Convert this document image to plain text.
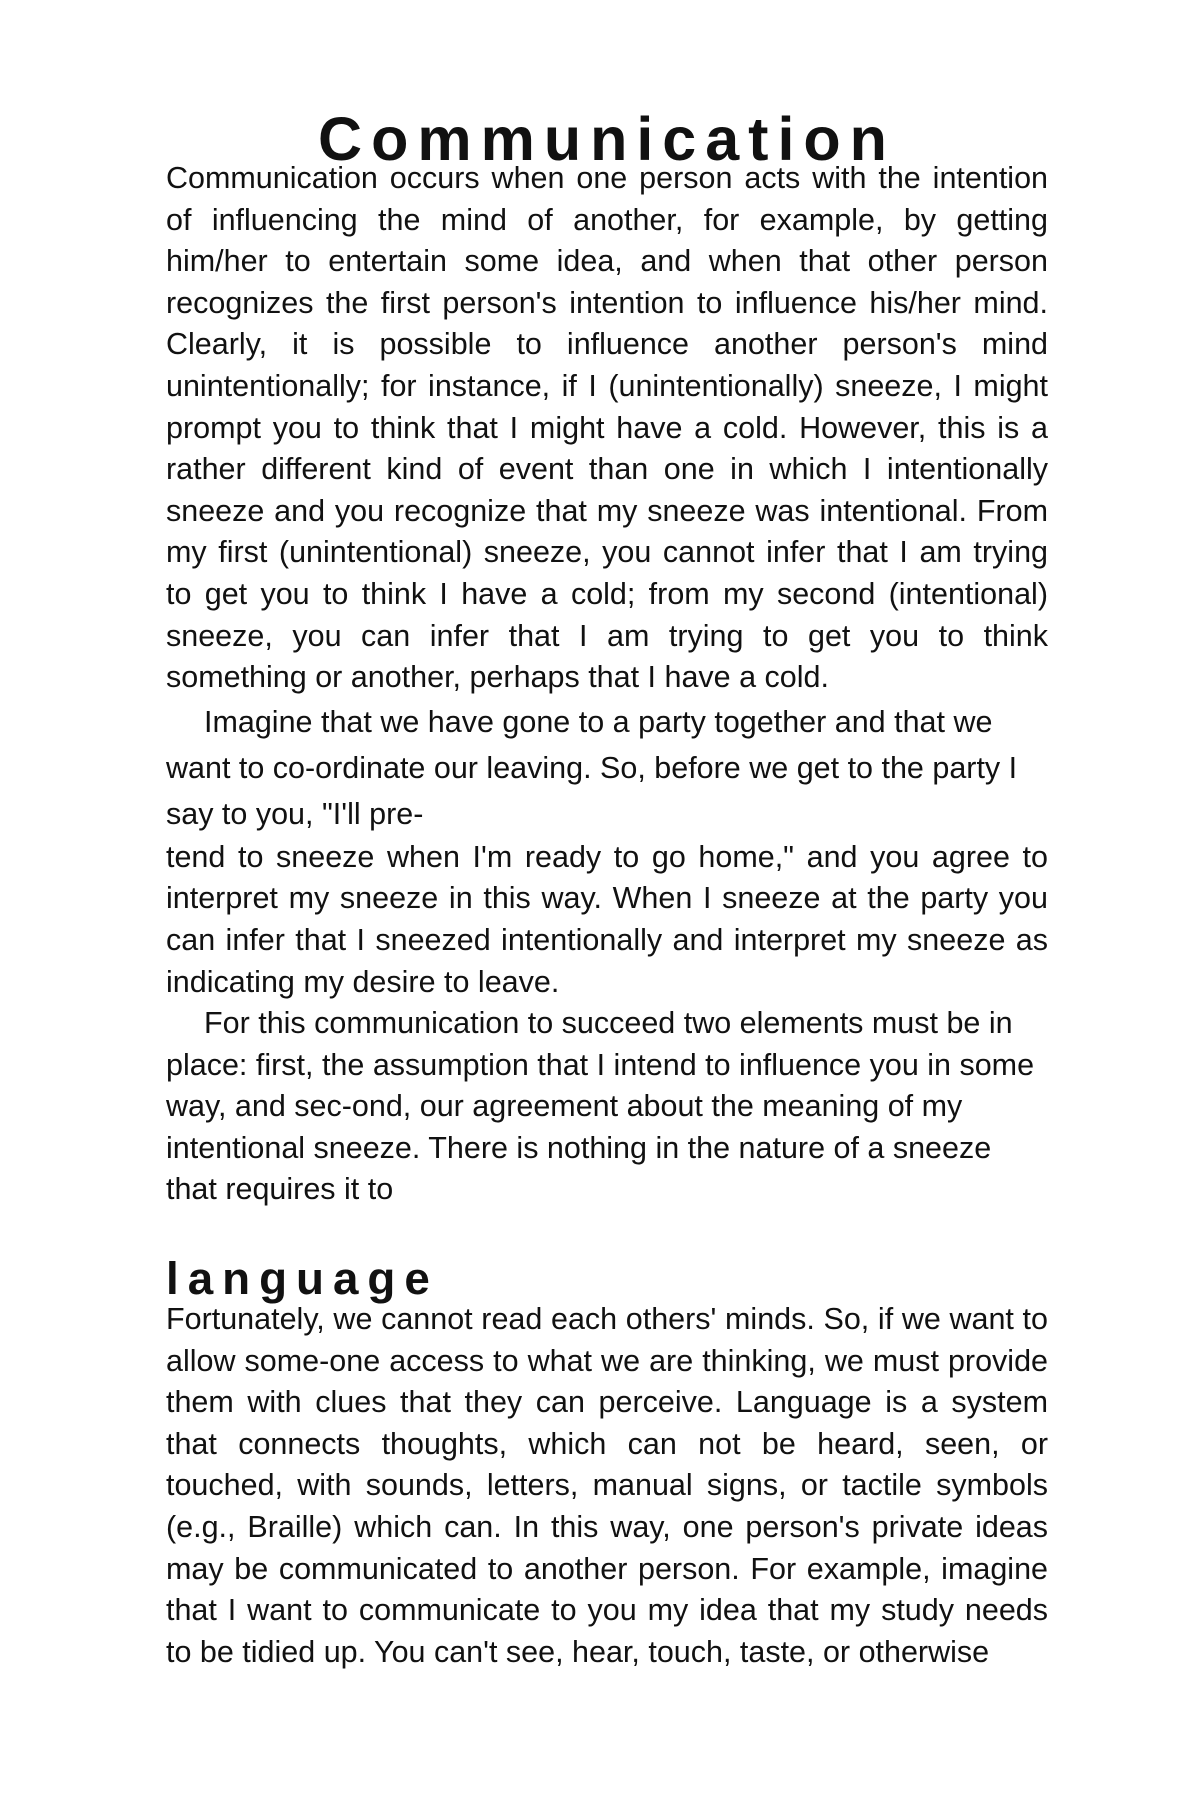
Communication

Communication occurs when one person acts with the intention of influencing the mind of another, for example, by getting him/her to entertain some idea, and when that other person recognizes the first person's intention to influence his/her mind. Clearly, it is possible to influence another person's mind unintentionally; for instance, if I (unintentionally) sneeze, I might prompt you to think that I might have a cold. However, this is a rather different kind of event than one in which I intentionally sneeze and you recognize that my sneeze was intentional. From my first (unintentional) sneeze, you cannot infer that I am trying to get you to think I have a cold; from my second (intentional) sneeze, you can infer that I am trying to get you to think something or another, perhaps that I have a cold.

Imagine that we have gone to a party together and that we want to co-ordinate our leaving. So, before we get to the party I say to you, "I'll pre-

tend to sneeze when I'm ready to go home," and you agree to interpret my sneeze in this way. When I sneeze at the party you can infer that I sneezed intentionally and interpret my sneeze as indicating my desire to leave.

For this communication to succeed two elements must be in place: first, the assumption that I intend to influence you in some way, and sec-ond, our agreement about the meaning of my intentional sneeze. There is nothing in the nature of a sneeze that requires it to

language

Fortunately, we cannot read each others' minds. So, if we want to allow some-one access to what we are thinking, we must provide them with clues that they can perceive. Language is a system that connects thoughts, which can not be heard, seen, or touched, with sounds, letters, manual signs, or tactile symbols (e.g., Braille) which can. In this way, one person's private ideas may be communicated to another person. For example, imagine that I want to communicate to you my idea that my study needs to be tidied up. You can't see, hear, touch, taste, or otherwise
